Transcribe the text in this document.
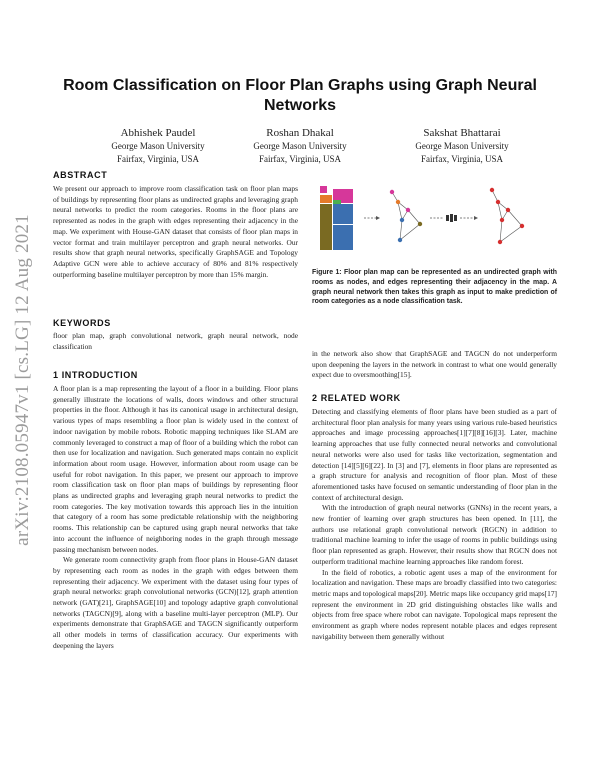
arXiv:2108.05947v1 [cs.LG] 12 Aug 2021
Room Classification on Floor Plan Graphs using Graph Neural Networks
Abhishek Paudel
George Mason University
Fairfax, Virginia, USA
Roshan Dhakal
George Mason University
Fairfax, Virginia, USA
Sakshat Bhattarai
George Mason University
Fairfax, Virginia, USA
ABSTRACT

We present our approach to improve room classification task on floor plan maps of buildings by representing floor plans as undirected graphs and leveraging graph neural networks to predict the room categories. Rooms in the floor plans are represented as nodes in the graph with edges representing their adjacency in the map. We experiment with House-GAN dataset that consists of floor plan maps in vector format and train multilayer perceptron and graph neural networks. Our results show that graph neural networks, specifically GraphSAGE and Topology Adaptive GCN were able to achieve accuracy of 80% and 81% respectively outperforming baseline multilayer perceptron by more than 15% margin.

KEYWORDS

floor plan map, graph convolutional network, graph neural network, node classification

1 INTRODUCTION

A floor plan is a map representing the layout of a floor in a building. Floor plans generally illustrate the locations of walls, doors windows and other structural properties in the floor. Although it has its canonical usage in architectural design, various types of maps resembling a floor plan is widely used in the context of indoor navigation by mobile robots. Robotic mapping techniques like SLAM are commonly leveraged to construct a map of floor of a building which the robot can then use for localization and navigation. Such generated maps contain no explicit information about room usage. However, information about room usage can be useful for robot navigation. In this paper, we present our approach to improve room classification task on floor plan maps of buildings by representing floor plans as undirected graphs and leveraging graph neural networks to predict the room categories. The key motivation towards this approach lies in the intuition that category of a room has some predictable relationship with the neighboring rooms. This relationship can be captured using graph neural networks that take into account the influence of neighboring nodes in the graph through message passing mechanism between nodes.

We generate room connectivity graph from floor plans in House-GAN dataset by representing each room as nodes in the graph with edges between them representing their adjacency. We experiment with the dataset using four types of graph neural networks: graph convolutional networks (GCN)[12], graph attention network (GAT)[21], GraphSAGE[10] and topology adaptive graph convolutional networks (TAGCN)[9], along with a baseline multi-layer perceptron (MLP). Our experiments demonstrate that GraphSAGE and TAGCN significantly outperform all other models in terms of classification accuracy. Our experiments with deepening the layers

Figure 1: Floor plan map can be represented as an undirected graph with rooms as nodes, and edges representing their adjacency in the map. A graph neural network then takes this graph as input to make prediction of room categories as a node classification task.

in the network also show that GraphSAGE and TAGCN do not underperform upon deepening the layers in the network in contrast to what one would generally expect due to oversmoothing[15].

2 RELATED WORK

Detecting and classifying elements of floor plans have been studied as a part of architectural floor plan analysis for many years using various rule-based heuristics approaches and image processing approaches[1][7][8][16][3]. Later, machine learning approaches that use fully connected neural networks and convolutional neural networks were also used for tasks like vectorization, segmentation and detection [14][5][6][22]. In [3] and [7], elements in floor plans are represented as a graph structure for analysis and recognition of floor plan. Most of these aforementioned tasks have focused on semantic understanding of floor plan in the context of architectural design.

With the introduction of graph neural networks (GNNs) in the recent years, a new frontier of learning over graph structures has been opened. In [11], the authors use relational graph convolutional network (RGCN) in addition to traditional machine learning to infer the usage of rooms in public buildings using floor plan represented as graph. However, their results show that RGCN does not outperform traditional machine learning approaches like random forest.

In the field of robotics, a robotic agent uses a map of the environment for localization and navigation. These maps are broadly classified into two categories: metric maps and topological maps[20]. Metric maps like occupancy grid maps[17] represent the environment in 2D grid distinguishing obstacles like walls and objects from free space where robot can navigate. Topological maps represent the environment as graph where nodes represent notable places and edges represent navigability between them generally without
